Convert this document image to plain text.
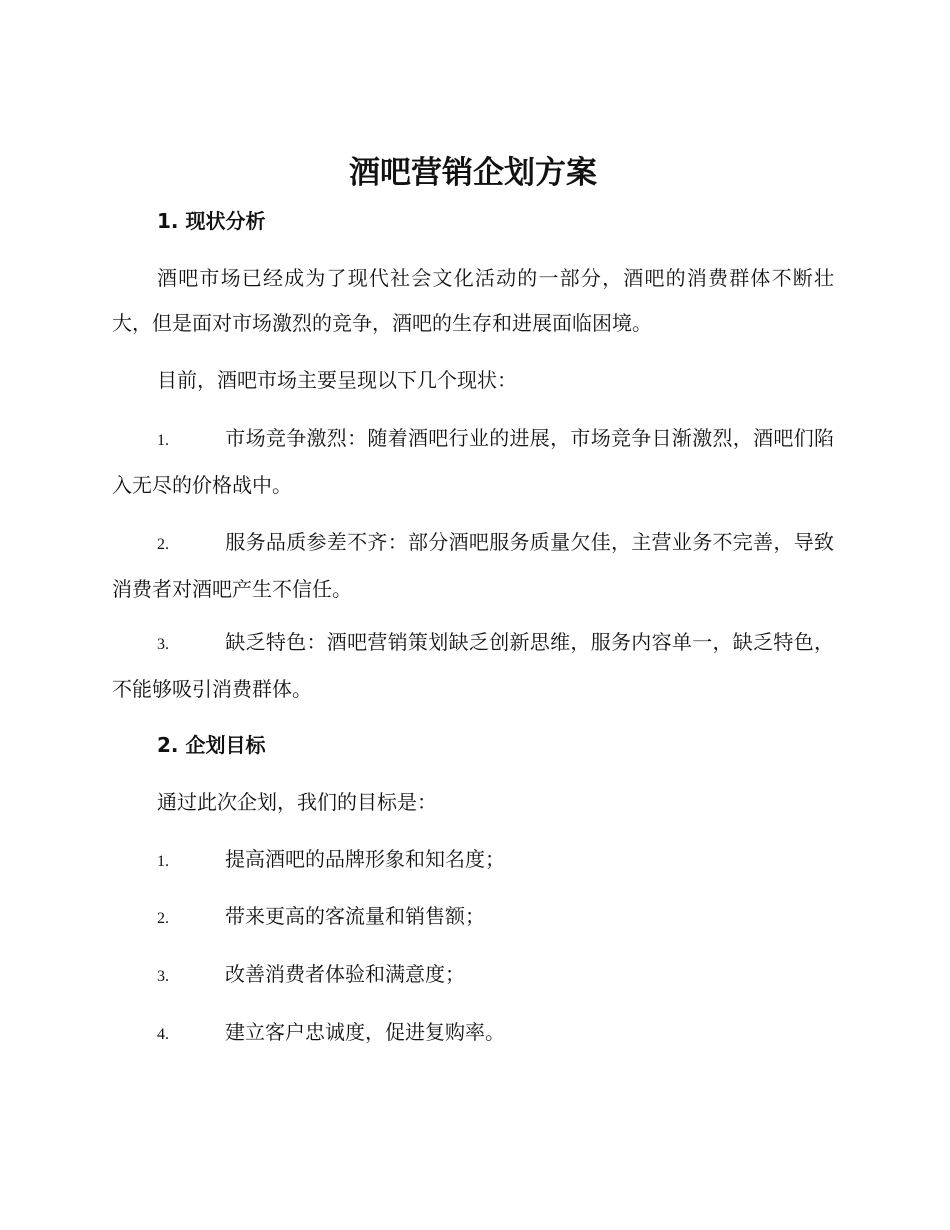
酒吧营销企划方案
1. 现状分析

酒吧市场已经成为了现代社会文化活动的一部分，酒吧的消费群体不断壮大，但是面对市场激烈的竞争，酒吧的生存和进展面临困境。

目前，酒吧市场主要呈现以下几个现状：

1.	市场竞争激烈：随着酒吧行业的进展，市场竞争日渐激烈，酒吧们陷入无尽的价格战中。

2.	服务品质参差不齐：部分酒吧服务质量欠佳，主营业务不完善，导致消费者对酒吧产生不信任。

3.	缺乏特色：酒吧营销策划缺乏创新思维，服务内容单一，缺乏特色，不能够吸引消费群体。

2. 企划目标

通过此次企划，我们的目标是：

1.	提高酒吧的品牌形象和知名度；

2.	带来更高的客流量和销售额；

3.	改善消费者体验和满意度；

4.	建立客户忠诚度，促进复购率。
